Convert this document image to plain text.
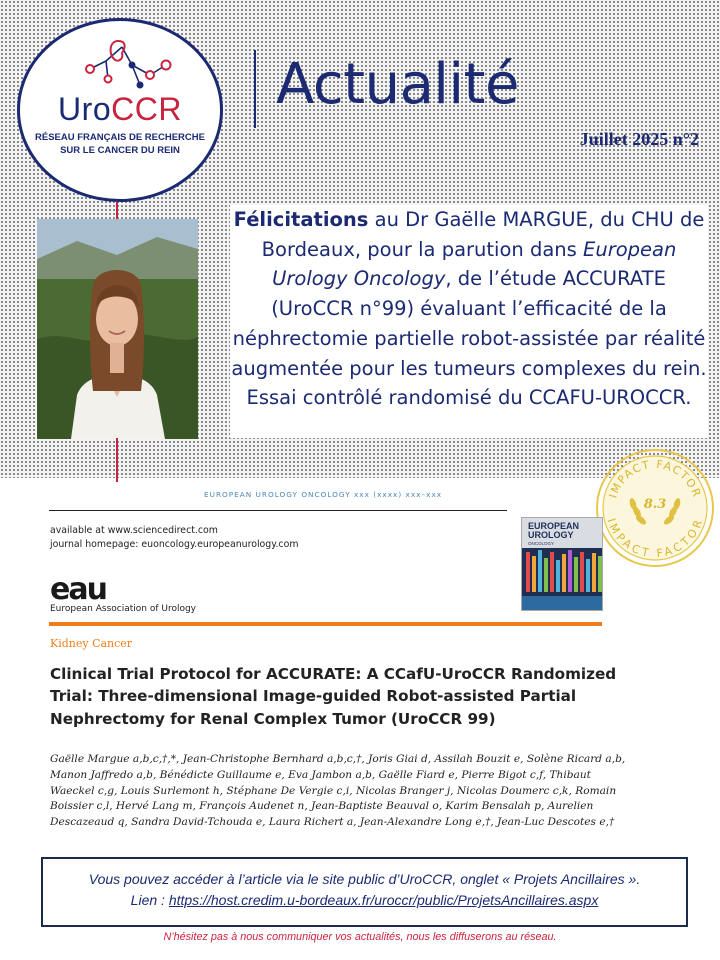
UroCCR
RÉSEAU FRANÇAIS DE RECHERCHE
SUR LE CANCER DU REIN
Actualité
Juillet 2025 n°2
Félicitations au Dr Gaëlle MARGUE, du CHU de Bordeaux, pour la parution dans European Urology Oncology, de l’étude ACCURATE (UroCCR n°99) évaluant l’efficacité de la néphrectomie partielle robot-assistée par réalité augmentée pour les tumeurs complexes du rein. Essai contrôlé randomisé du CCAFU-UROCCR.
IMPACT FACTOR
IMPACT FACTOR
8.3
EUROPEAN UROLOGY ONCOLOGY xxx (xxxx) xxx–xxx
available at www.sciencedirect.com
journal homepage: euoncology.europeanurology.com
EUROPEAN
UROLOGY
ONCOLOGY
eau
European Association of Urology
Kidney Cancer
Clinical Trial Protocol for ACCURATE: A CCafU-UroCCR Randomized Trial: Three-dimensional Image-guided Robot-assisted Partial Nephrectomy for Renal Complex Tumor (UroCCR 99)
Gaëlle Margue a,b,c,†,*, Jean-Christophe Bernhard a,b,c,†, Joris Giai d, Assilah Bouzit e, Solène Ricard a,b, Manon Jaffredo a,b, Bénédicte Guillaume e, Eva Jambon a,b, Gaëlle Fiard e, Pierre Bigot c,f, Thibaut Waeckel c,g, Louis Surlemont h, Stéphane De Vergie c,i, Nicolas Branger j, Nicolas Doumerc c,k, Romain Boissier c,l, Hervé Lang m, François Audenet n, Jean-Baptiste Beauval o, Karim Bensalah p, Aurelien Descazeaud q, Sandra David-Tchouda e, Laura Richert a, Jean-Alexandre Long e,†, Jean-Luc Descotes e,†
Vous pouvez accéder à l’article via le site public d’UroCCR, onglet « Projets Ancillaires ».
Lien : https://host.credim.u-bordeaux.fr/uroccr/public/ProjetsAncillaires.aspx
N’hésitez pas à nous communiquer vos actualités, nous les diffuserons au réseau.
